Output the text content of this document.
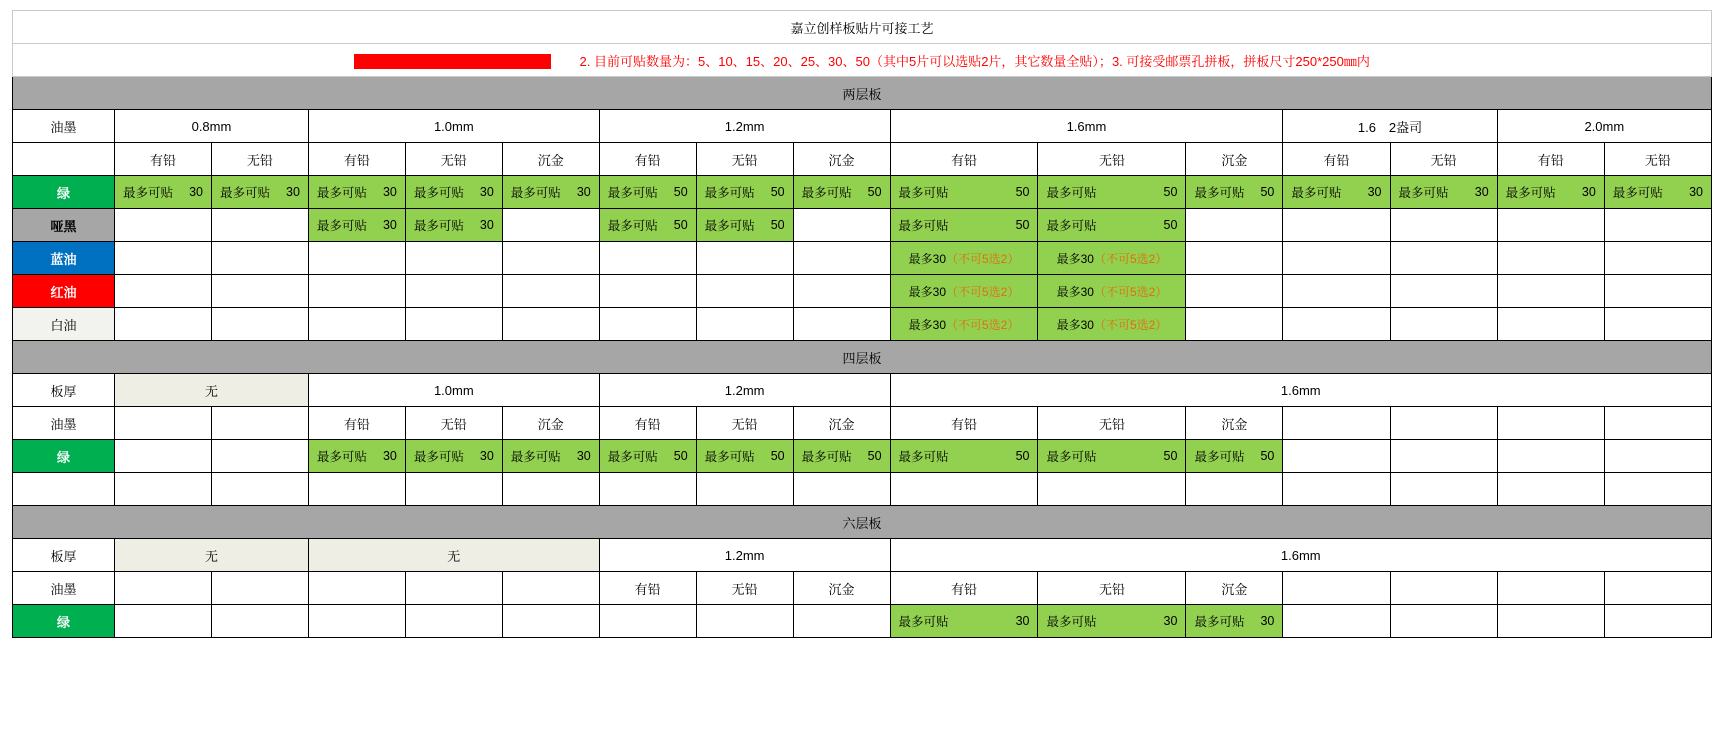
嘉立创样板贴片可接工艺															
温馨提示：1. 目前只可以贴一面； 2. 目前可贴数量为：5、10、15、20、25、30、50（其中5片可以选贴2片，其它数量全贴）；3. 可接受邮票孔拼板，拼板尺寸250*250㎜内															
两层板															
油墨	0.8mm		1.0mm			1.2mm			1.6mm			1.6　2盎司		2.0mm	
	有铅	无铅	有铅	无铅	沉金	有铅	无铅	沉金	有铅	无铅	沉金	有铅	无铅	有铅	无铅
绿	最多可贴 30	最多可贴 30	最多可贴 30	最多可贴 30	最多可贴 30	最多可贴 50	最多可贴 50	最多可贴 50	最多可贴 50	最多可贴 50	最多可贴 50	最多可贴 30	最多可贴 30	最多可贴 30	最多可贴 30

哑黑			最多可贴 30	最多可贴 30		最多可贴 50	最多可贴 50		最多可贴 50	最多可贴 50					

蓝油									最多30（不可5选2）	最多30（不可5选2）					
红油									最多30（不可5选2）	最多30（不可5选2）					
白油									最多30（不可5选2）	最多30（不可5选2）					
四层板															
板厚	无		1.0mm			1.2mm			1.6mm						
油墨			有铅	无铅	沉金	有铅	无铅	沉金	有铅	无铅	沉金				
绿			最多可贴 30	最多可贴 30	最多可贴 30	最多可贴 50	最多可贴 50	最多可贴 50	最多可贴 50	最多可贴 50	最多可贴 50				

六层板															
板厚	无		无			1.2mm			1.6mm						
油墨						有铅	无铅	沉金	有铅	无铅	沉金				
绿									最多可贴 30	最多可贴 30	最多可贴 30				
